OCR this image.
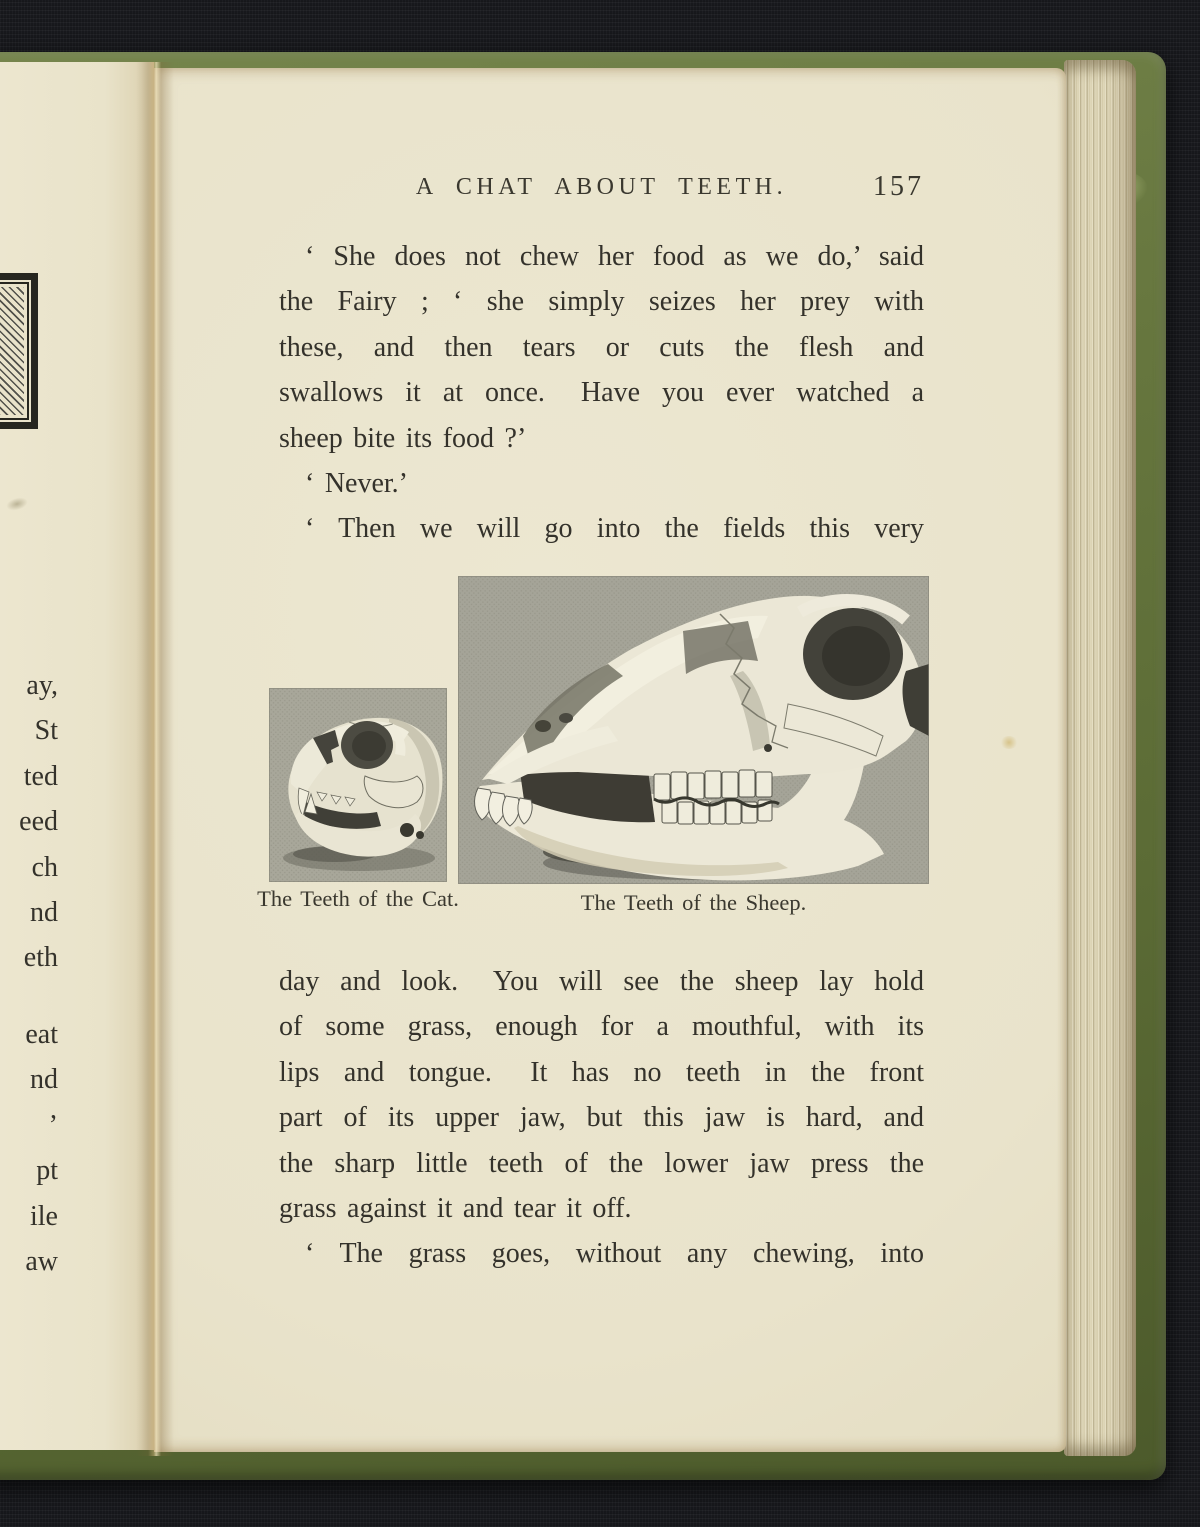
ay,
St
ted
eed
ch
nd
eth
eat
nd
’
pt
ile
aw
A CHAT ABOUT TEETH.	157
‘ She does not chew her food as we do,’ said
the Fairy ; ‘ she simply seizes her prey with
these, and then tears or cuts the flesh and
swallows it at once.  Have you ever watched a
sheep bite its food ?’
‘ Never.’
‘ Then we will go into the fields this very
The Teeth of the Cat.	The Teeth of the Sheep.
day and look.  You will see the sheep lay hold
of some grass, enough for a mouthful, with its
lips and tongue.  It has no teeth in the front
part of its upper jaw, but this jaw is hard, and
the sharp little teeth of the lower jaw press the
grass against it and tear it off.
‘ The grass goes, without any chewing, into
